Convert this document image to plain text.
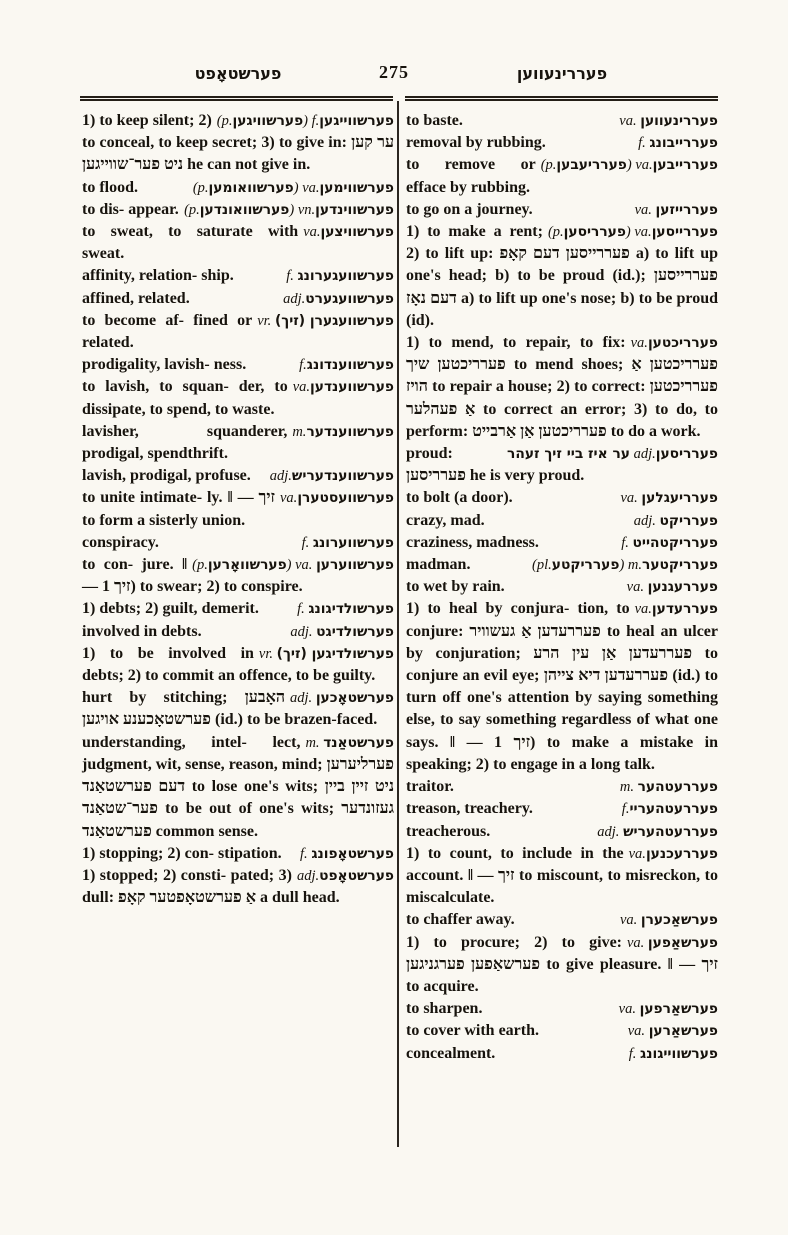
פערשטאָפט	275	פעררינעווען

(p.פערשוויגען) f.פערשווייגען
1) to keep silent; 2) to conceal, to keep secret; 3) to give in: ער קען ניט פער־שווייגען he can not give in.

(p.פערשוואומען) va.פערשווימען
to flood.

(p.פערשוואונדען) vn.פערשווינדען
to dis- appear.

va.פערשוויצען
to sweat, to saturate with sweat.

f. פערשוועגערונג
affinity, relation- ship.

adj.פערשוועגערט
affined, related.

vr. פערשוועגערן (זיך)
to become af- fined or related.

f.פערשווענדונג
prodigality, lavish- ness.

va.פערשווענדען
to lavish, to squan- der, to dissipate, to spend, to waste.

m.פערשווענדער
lavisher, squanderer, prodigal, spendthrift.

adj.פערשווענדעריש
lavish, prodigal, profuse.

va.פערשוועסטערן
to unite intimate- ly. ‖ — זיך to form a sisterly union.

f. פערשווערונג
conspiracy.

(p.פערשוואָרען) va. פערשווערען
to con- jure. ‖ — זיך 1) to swear; 2) to conspire.

f. פערשולדיגונג
1) debts; 2) guilt, demerit.

adj. פערשולדיגט
involved in debts.

vr. פערשולדיגען (זיך)
1) to be involved in debts; 2) to commit an offence, to be guilty.

adj. פערשטאָכען
hurt by stitching; האָבען פערשטאָכענע אויגען (id.) to be brazen-faced.

m. פערשטאַנד
understanding, intel- lect, judgment, wit, sense, reason, mind; פערליערען דעם פערשטאַנד to lose one's wits; ניט זיין ביין פער־שטאַנד to be out of one's wits; געזונדער פערשטאַנד common sense.

f. פערשטאָפונג
1) stopping; 2) con- stipation.

adj.פערשטאָפט
1) stopped; 2) consti- pated; 3) dull: אַ פערשטאָפטער קאָפ a dull head.

va. פעררינעווען
to baste.

f. פעררייבונג
removal by rubbing.

(p.פערריעבען) va.פעררייבען
to remove or efface by rubbing.

va. פעררייזען
to go on a journey.

(p.פערריסען) va.פעררייסען
1) to make a rent; 2) to lift up: פעררייסען דעם קאָפ a) to lift up one's head; b) to be proud (id.); פעררייסען דעם נאָז a) to lift up one's nose; b) to be proud (id).

va.פערריכטען
1) to mend, to repair, to fix: פערריכטען שיך to mend shoes; פערריכטען אַ הויז to repair a house; 2) to correct: פערריכטען אַ פעהלער to correct an error; 3) to do, to perform: פערריכטען אַן אַרבייט to do a work.

ער איז ביי זיך זעהר adj.פערריסען
proud: פערריסען he is very proud.

va. פערריעגלען
to bolt (a door).

adj. פערריקט
crazy, mad.

f. פערריקטהייט
craziness, madness.

(pl.פערריקטע) m.פערריקטער
madman.

va. פעררעגנען
to wet by rain.

va.פעררעדען
1) to heal by conjura- tion, to conjure: פעררעדען אַ געשוויר to heal an ulcer by conjuration; פעררעדען אַן עין הרע to conjure an evil eye; פעררעדען דיא צייהן (id.) to turn off one's attention by saying something else, to say something regardless of what one says. ‖ — זיך 1) to make a mistake in speaking; 2) to engage in a long talk.

m. פעררעטהער
traitor.

f.פעררעטהעריי
treason, treachery.

adj. פעררעטהעריש
treacherous.

va.פעררעכנען
1) to count, to include in the account. ‖ — זיך to miscount, to misreckon, to miscalculate.

va. פערשאַכערן
to chaffer away.

va. פערשאַפען
1) to procure; 2) to give: פערשאַפען פערגניגען to give pleasure. ‖ — זיך to acquire.

va. פערשאַרפען
to sharpen.

va. פערשאַרען
to cover with earth.

f. פערשווייגונג
concealment.
